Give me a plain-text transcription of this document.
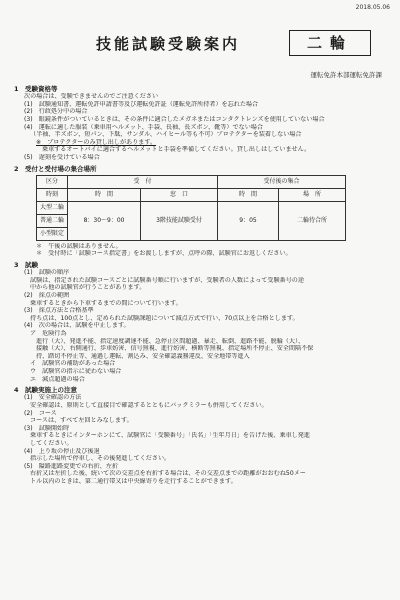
2018.05.06
技能試験受験案内	二輪
運転免許本部運転免許課
1　受験資格等
次の場合は、受験できませんのでご注意ください
(1)　試験通知書、運転免許申請書等及び運転免許証（運転免許所持者）を忘れた場合
(2)　行政処分中の場合
(3)　眼鏡条件がついているときは、その条件に適合したメガネまたはコンタクトレンズを使用していない場合
(4)　運転に適した服装（乗車用ヘルメット、手袋、長袖、長ズボン、靴等）でない場合
（半袖、半ズボン、短パン、下駄、サンダル、ハイヒール等も不可）プロテクターを装着しない場合
※　プロテクターのみ貸し出しがあります。
乗車するオートバイに適合するヘルメットと手袋を準備してください。貸し出しはしていません。
(5)　遅刻を受けている場合
2　受付と受付場の集合場所
区分	受　付		受付後の集合	
時刻	時　間	窓　口	時　間	場　所
大型二輪	8：30～9：00	3階技能試験受付	9：05	二輪待合所
普通二輪				
小型限定				
＊　午後の試験はありません。
＊　受付時に「試験コース指定書」をお渡ししますが、点呼の際、試験官にお返しください。
3　試験
(1)　試験の順序
試験は、指定された試験コースごとに試験番号順に行いますが、受験者の人数によって受験番号の途
中から他の試験官が行うことがあります。
(2)　採点の範囲
乗車するときから下車するまでの間について行います。
(3)　採点方法と合格基準
持ち点は、100点とし、定められた試験課題について減点方式で行い、70点以上を合格とします。
(4)　次の場合は、試験を中止します。
ア　危険行為
進行（大）、発進不能、指定速度調達不能、急停止区間超過、暴走、転倒、進路不能、脱輪（大）、
接触（大）、右側通行、歩車妨害、信号無視、進行妨害、横断等無視、指定場所不停止、安全間隔不保
持、踏切不停止等、通過し運転、割込み、安全確認義務違反、安全地帯等進入
イ　試験官の補助があった場合
ウ　試験官の指示に従わない場合
エ　減点超過の場合
4　試験実施上の注意
(1)　安全確認の方法
安全確認は、原則として直接目で確認するとともにバックミラーも併用してください。
(2)　コース
コースは、すべて左回とみなします。
(3)　試験開始時
乗車するときにインターホンにて、試験官に「受験番号」「氏名」「生年月日」を告げた後、乗車し発進
してください。
(4)　上り坂の停止及び後退
指示した場所で停車し、その後発進してください。
(5)　隘路進路変更での右折、左折
右折又は左折した後、続いて次の交差点を右折する場合は、その交差点までの距離がおおむね50メー
トル以内のときは、第二通行帯又は中央線寄りを走行することができます。
